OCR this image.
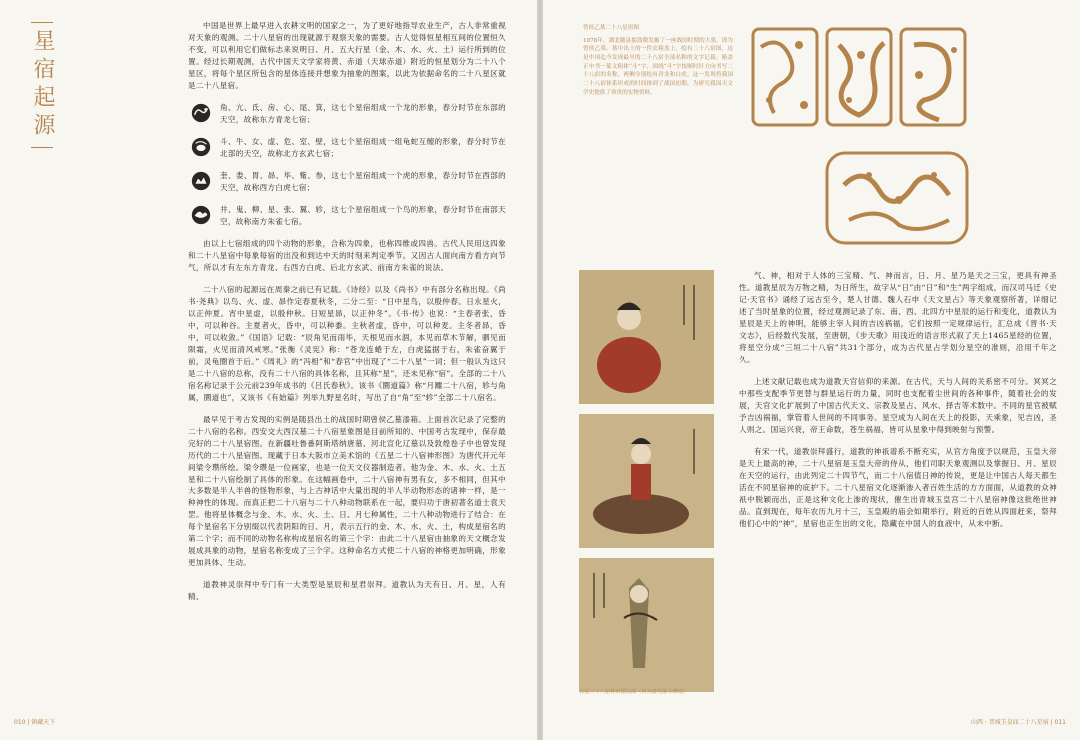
星宿起源

中国是世界上最早进入农耕文明的国家之一，为了更好地指导农业生产，古人非常重视对天象的观测。二十八星宿的出现就源于观察天象的需要。古人觉得恒星相互间的位置恒久不变，可以利用它们做标志来说明日、月、五大行星（金、木、水、火、土）运行所到的位置。经过长期观测，古代中国天文学家将黄、赤道（天球赤道）附近的恒星划分为二十八个星区，将每个星区所包含的星体连接并想象为抽象的图案，以此为依据命名的二十八星区就是二十八星宿。

角、亢、氐、房、心、尾、箕，这七个星宿组成一个龙的形象，春分时节在东部的天空，故称东方青龙七宿；
斗、牛、女、虚、危、室、壁，这七个星宿组成一组龟蛇互缠的形象，春分时节在北部的天空，故称北方玄武七宿；
奎、娄、胃、昴、毕、觜、参，这七个星宿组成一个虎的形象，春分时节在西部的天空，故称西方白虎七宿；
井、鬼、柳、星、张、翼、轸，这七个星宿组成一个鸟的形象，春分时节在南部天空，故称南方朱雀七宿。

由以上七宿组成的四个动物的形象，合称为四象，也称四维或四兽。古代人民用这四象和二十八星宿中每象每宿的出没和到达中天的时刻来判定季节。又因古人面向南方看方向节气，所以才有左东方青龙、右西方白虎、后北方玄武、前南方朱雀的说法。

二十八宿的起源远在周秦之前已有记载。《诗经》以及《尚书》中有部分名称出现。《尚书·尧典》以鸟、火、虚、昴作定春夏秋冬，二分二至：“日中星鸟，以殷仲春。日永星火，以正仲夏。宵中星虚，以殷仲秋。日短星昴，以正仲冬”。《书·传》也说：“主春者张，昏中，可以种谷。主夏者火，昏中，可以种黍。主秋者虚，昏中，可以种麦。主冬者昴，昏中，可以收敛。”《国语》记载：“辰角见而雨毕，天根见而水涸，本见而草木节解，驷见而陨霜，火见而清风戒寒。”张衡《灵宪》称：“苍龙连蜷于左，白虎猛据于右，朱雀奋翼于前，灵龟圈首于后。”《周礼》的“冯相”和“春官”中出现了“二十八星”一词；但一般认为这只是二十八宿的总称，没有二十八宿的具体名称，且其称“星”，还未见称“宿”。全部的二十八宿名称记录于公元前239年成书的《吕氏春秋》。该书《圜道篇》称“月躔二十八宿，轸与角属，圜道也”，又该书《有始篇》列举九野星名时，写出了自“角”至“轸”全部二十八宿名。

最早见于考古发现的实例是随县出土的战国时期曾侯乙墓漆箱。上面首次记录了完整的二十八宿的名称。西安交大西汉墓二十八宿星象图是目前所知的、中国考古发现中，保存最完好的二十八星宿图。在新疆吐鲁番阿斯塔纳唐墓、河北宣化辽墓以及敦煌卷子中也曾发现历代的二十八星宿图。现藏于日本大阪市立美术馆的《五星二十八宿神形图》为唐代开元年间梁令瓒所绘。梁令瓒是一位画家，也是一位天文仪器制造者。他为金、木、水、火、土五星和二十八宿绘制了具体的形象。在这幅画卷中，二十八宿神有男有女，多不相同，但其中大多数是半人半兽的怪物形象，与上古神话中大量出现的半人半动物形态的诸神一样，是一种神性的体现。而真正把二十八宿与二十八种动物联系在一起，要归功于唐初著名道士袁天罡。他将星体概念与金、木、水、火、土、日、月七种属性，二十八种动物进行了结合：在每个星宿名下分别缀以代表阴阳的日、月，表示五行的金、木、水、火、土，构成星宿名的第二个字；而不同的动物名称构成星宿名的第三个字：由此二十八星宿由抽象的天文概念发展成具象的动物，星宿名称变成了三个字。这种命名方式使二十八宿的神格更加明确，形象更加具体、生动。

道教神灵崇拜中专门有一大类型是星辰和星君崇拜。道教认为天有日、月、星，人有精、

010 | 镇藏天下

曾侯乙墓二十八星宿图

1978年，湖北随县擂鼓墩发掘了一座战国时期的大墓，即为曾侯乙墓。墓中出土的一件衣箱盖上，绘有二十八宿图，这是中国迄今发现最早的二十八宿全部名称的文字记载。箱盖正中书一篆文粗体“斗”字，围绕“斗”字按顺时针方向书写二十八宿的名称，两侧分别绘有青龙和白虎。这一发现将我国二十八宿体系形成的时间推到了战国初期，为研究我国天文学史提供了珍贵的实物资料。

五星二十八宿神形图局部（传为唐代梁令瓒绘）

气、神，相对于人体的三宝精、气、神而言，日、月、星乃是天之三宝，更具有神圣性。道教星辰为万物之精，为日所生，故字从“日”由“日”和“生”两字组成，而汉司马迁《史记·天官书》诵经了远古至今，楚人甘德、魏人石申《天文星占》等天象观察所著，详细记述了当时星象的位置，经过观测记录了东、南、西、北四方中星辰的运行和变化，道教认为星辰是天上的神明，能够主宰人间的吉凶祸福，它们按照一定规律运行，汇总成《晋书·天文志》，后经数代发展，至唐朝，《步天歌》用浅近的语言形式叙了天上1465星经的位置，将星空分成“三垣二十八宿”共31个部分，成为古代星占学划分星空的准则，沿用千年之久。

上述文献记载也成为道教天官信仰的来源。在古代，天与人间的关系密不可分。冥冥之中那些支配季节更替与群星运行的力量，同时也支配着尘世间的各种事件，随着社会的发展，天官文化扩展到了中国古代天文、宗教及星占、风水、择吉等术数中。不同的星官被赋予吉凶祸福，掌管着人世间的不同事务。星空成为人间在天上的投影，天乘象，见吉凶，圣人则之。国运兴衰，帝王命数，苍生祸福，皆可从星象中得到映射与预警。

有宋一代，道教崇拜盛行，道教的神祇谱系不断充实，从官方角度予以规范，玉皇大帝是天上最高的神，二十八星宿是玉皇大帝的侍从，他们司职天象观测以及掌握日、月、星辰在天空的运行，由此列定二十四节气，而二十八宿值日神的传说，更是让中国古人每天都生活在不同星宿神的庇护下。二十八星宿文化逐渐渗入者百姓生活的方方面面，从道教的众神祇中脱颖而出，正是这种文化上渗的现状，催生出青城玉皇宫二十八星宿神像这批绝世神品。直到现在，每年农历九月十三，玉皇殿的庙会如期举行，附近的百姓从四面赶来，祭拜他们心中的“神”，星宿也正生出的文化，隐藏在中国人的血液中，从未中断。

山西 · 晋城玉皇庙二十八星宿 | 011
